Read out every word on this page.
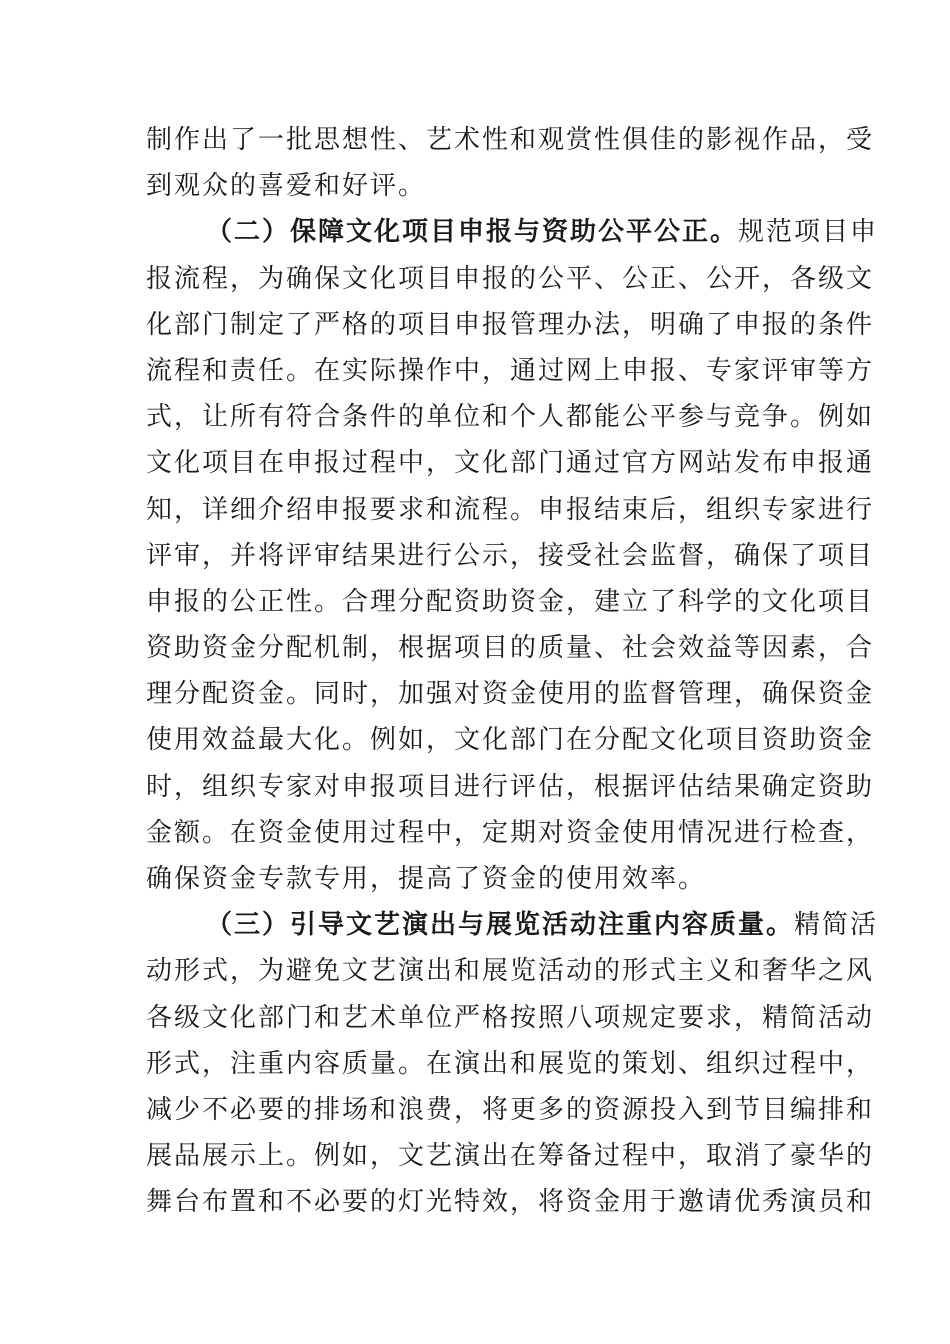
制作出了一批思想性、艺术性和观赏性俱佳的影视作品，受
到观众的喜爱和好评。
（二）保障文化项目申报与资助公平公正。规范项目申
报流程，为确保文化项目申报的公平、公正、公开，各级文
化部门制定了严格的项目申报管理办法，明确了申报的条件
流程和责任。在实际操作中，通过网上申报、专家评审等方
式，让所有符合条件的单位和个人都能公平参与竞争。例如
文化项目在申报过程中，文化部门通过官方网站发布申报通
知，详细介绍申报要求和流程。申报结束后，组织专家进行
评审，并将评审结果进行公示，接受社会监督，确保了项目
申报的公正性。合理分配资助资金，建立了科学的文化项目
资助资金分配机制，根据项目的质量、社会效益等因素，合
理分配资金。同时，加强对资金使用的监督管理，确保资金
使用效益最大化。例如，文化部门在分配文化项目资助资金
时，组织专家对申报项目进行评估，根据评估结果确定资助
金额。在资金使用过程中，定期对资金使用情况进行检查，
确保资金专款专用，提高了资金的使用效率。
（三）引导文艺演出与展览活动注重内容质量。精简活
动形式，为避免文艺演出和展览活动的形式主义和奢华之风
各级文化部门和艺术单位严格按照八项规定要求，精简活动
形式，注重内容质量。在演出和展览的策划、组织过程中，
减少不必要的排场和浪费，将更多的资源投入到节目编排和
展品展示上。例如，文艺演出在筹备过程中，取消了豪华的
舞台布置和不必要的灯光特效，将资金用于邀请优秀演员和
